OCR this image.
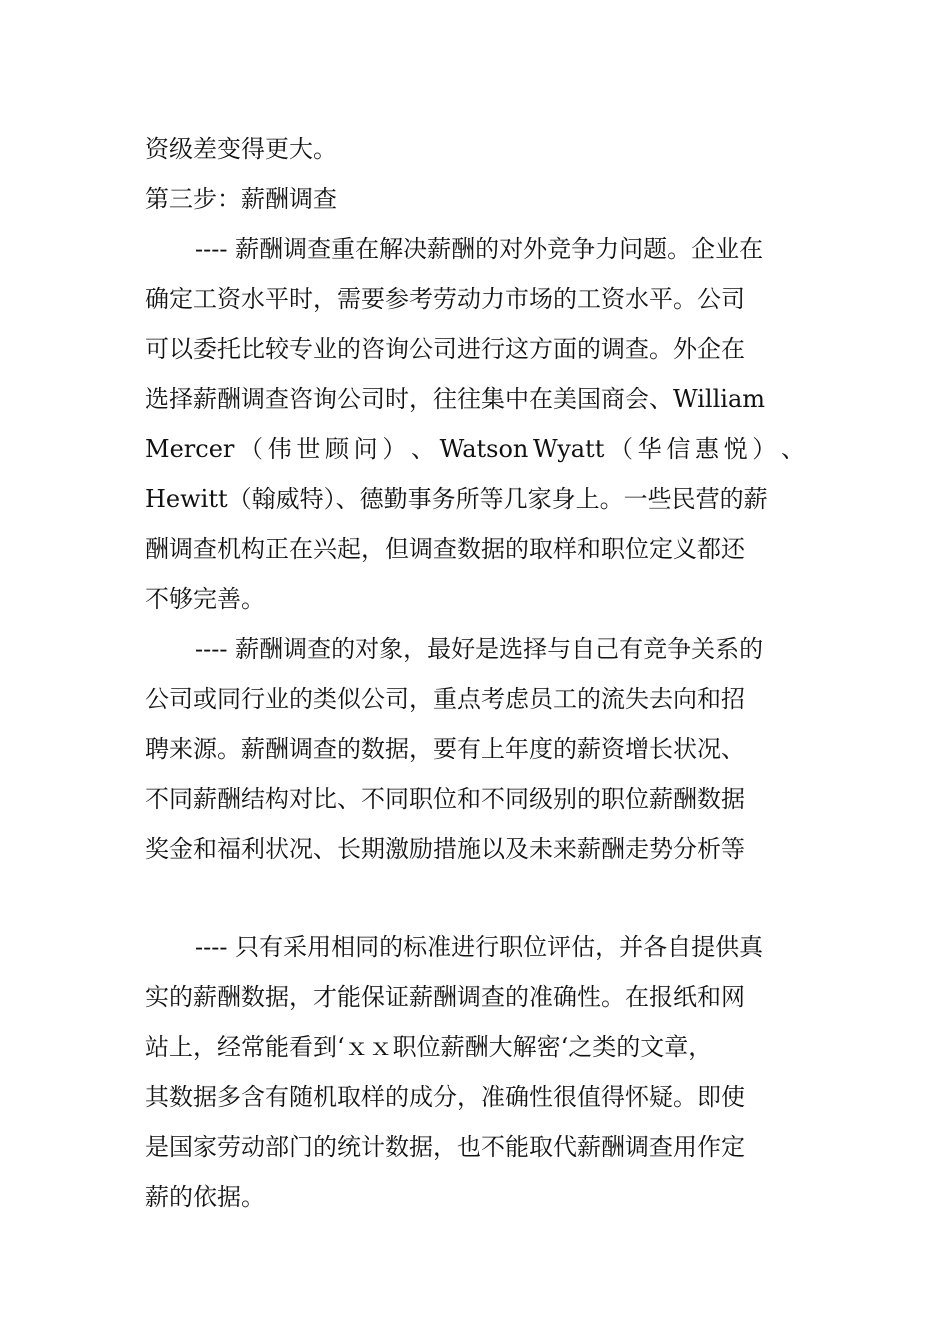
资级差变得更大。
第三步：薪酬调查
---- 薪酬调查重在解决薪酬的对外竞争力问题。企业在
确定工资水平时，需要参考劳动力市场的工资水平。公司
可以委托比较专业的咨询公司进行这方面的调查。外企在
选择薪酬调查咨询公司时，往往集中在美国商会、William
Mercer （ 伟 世 顾 问 ） 、 Watson Wyatt （ 华 信 惠 悦 ） 、
Hewitt（翰威特）、德勤事务所等几家身上。一些民营的薪
酬调查机构正在兴起，但调查数据的取样和职位定义都还
不够完善。
---- 薪酬调查的对象，最好是选择与自己有竞争关系的
公司或同行业的类似公司，重点考虑员工的流失去向和招
聘来源。薪酬调查的数据，要有上年度的薪资增长状况、
不同薪酬结构对比、不同职位和不同级别的职位薪酬数据
奖金和福利状况、长期激励措施以及未来薪酬走势分析等
---- 只有采用相同的标准进行职位评估，并各自提供真
实的薪酬数据，才能保证薪酬调查的准确性。在报纸和网
站上，经常能看到‘ｘｘ职位薪酬大解密‘之类的文章，
其数据多含有随机取样的成分，准确性很值得怀疑。即使
是国家劳动部门的统计数据，也不能取代薪酬调查用作定
薪的依据。
